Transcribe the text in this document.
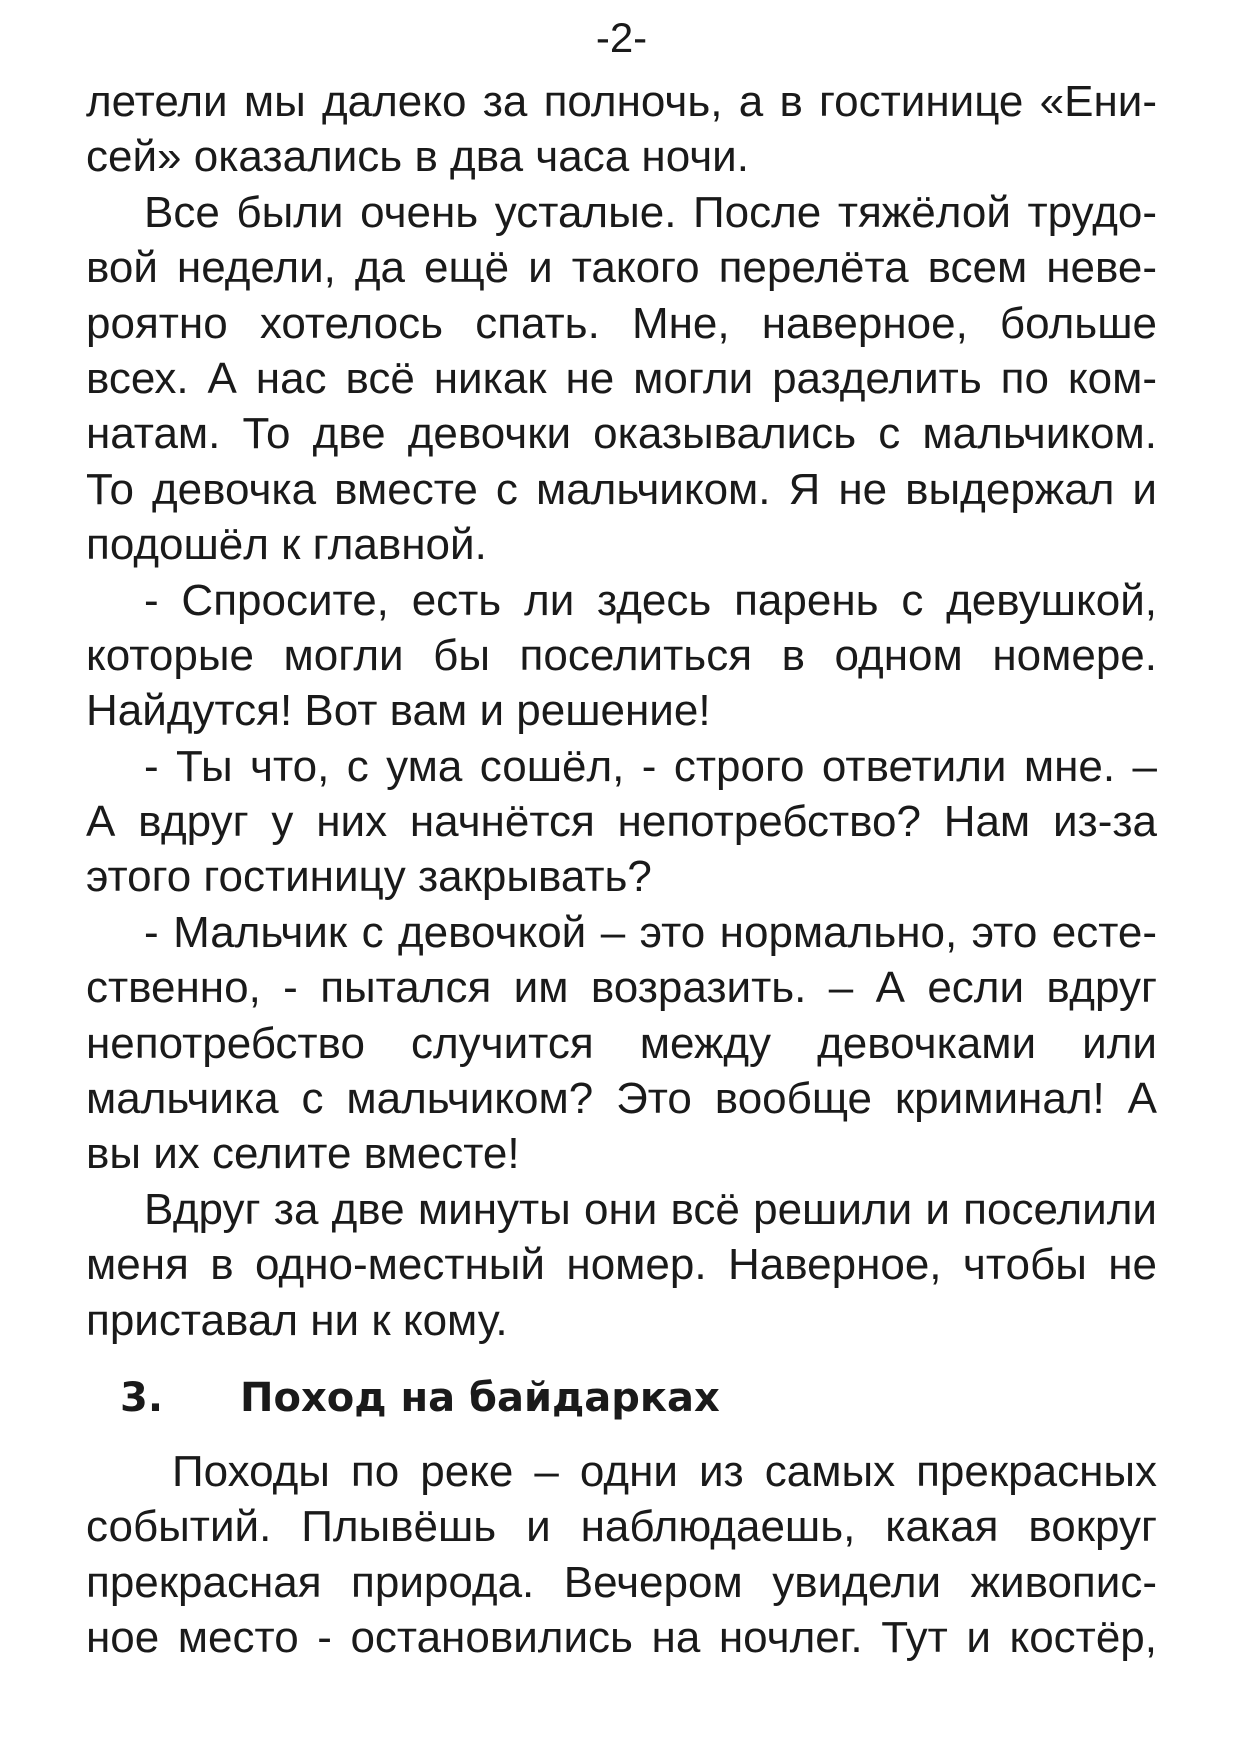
-2-
летели мы далеко за полночь, а в гостинице «Ени-
сей» оказались в два часа ночи.
Все были очень усталые. После тяжёлой трудо-
вой недели, да ещё и такого перелёта всем неве-
роятно хотелось спать. Мне, наверное, больше
всех. А нас всё никак не могли разделить по ком-
натам. То две девочки оказывались с мальчиком.
То девочка вместе с мальчиком. Я не выдержал и
подошёл к главной.
- Спросите, есть ли здесь парень с девушкой,
которые могли бы поселиться в одном номере.
Найдутся! Вот вам и решение!
- Ты что, с ума сошёл, - строго ответили мне. –
А вдруг у них начнётся непотребство? Нам из-за
этого гостиницу закрывать?
- Мальчик с девочкой – это нормально, это есте-
ственно, - пытался им возразить. – А если вдруг
непотребство случится между девочками или
мальчика с мальчиком? Это вообще криминал! А
вы их селите вместе!
Вдруг за две минуты они всё решили и поселили
меня в одно-местный номер. Наверное, чтобы не
приставал ни к кому.
3.	Поход на байдарках
Походы по реке – одни из самых прекрасных
событий. Плывёшь и наблюдаешь, какая вокруг
прекрасная природа. Вечером увидели живопис-
ное место - остановились на ночлег. Тут и костёр,
